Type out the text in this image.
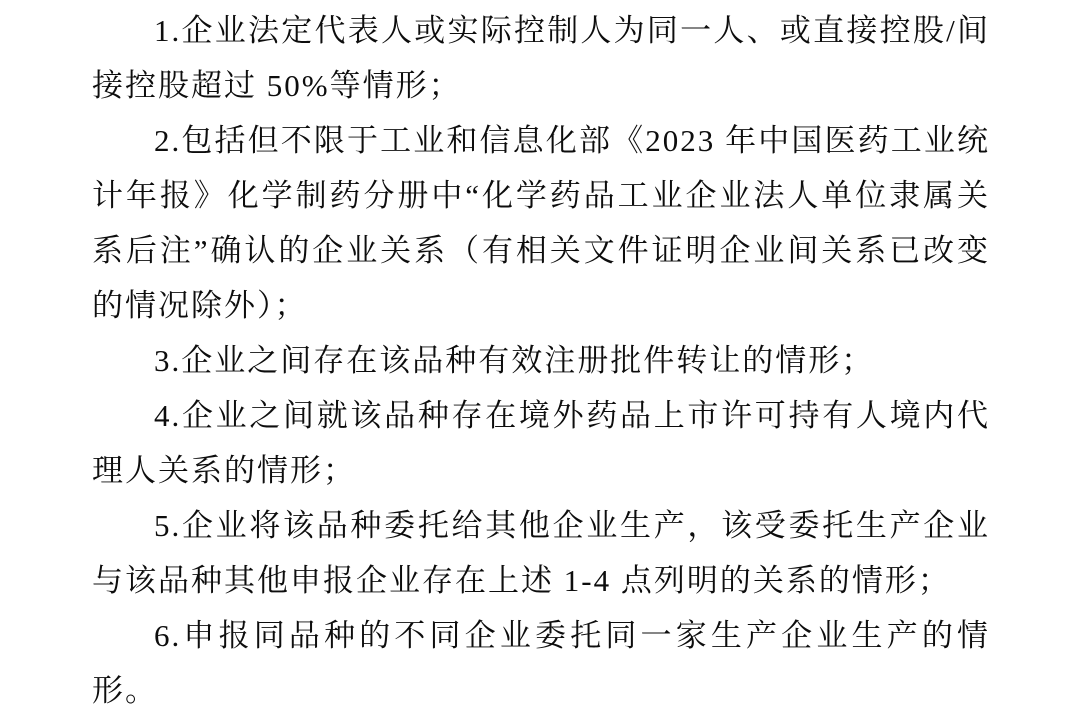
1.企业法定代表人或实际控制人为同一人、或直接控股/间接控股超过 50%等情形；

2.包括但不限于工业和信息化部《2023 年中国医药工业统计年报》化学制药分册中“化学药品工业企业法人单位隶属关系后注”确认的企业关系（有相关文件证明企业间关系已改变的情况除外）；

3.企业之间存在该品种有效注册批件转让的情形；

4.企业之间就该品种存在境外药品上市许可持有人境内代理人关系的情形；

5.企业将该品种委托给其他企业生产，该受委托生产企业与该品种其他申报企业存在上述 1-4 点列明的关系的情形；

6.申报同品种的不同企业委托同一家生产企业生产的情形。
